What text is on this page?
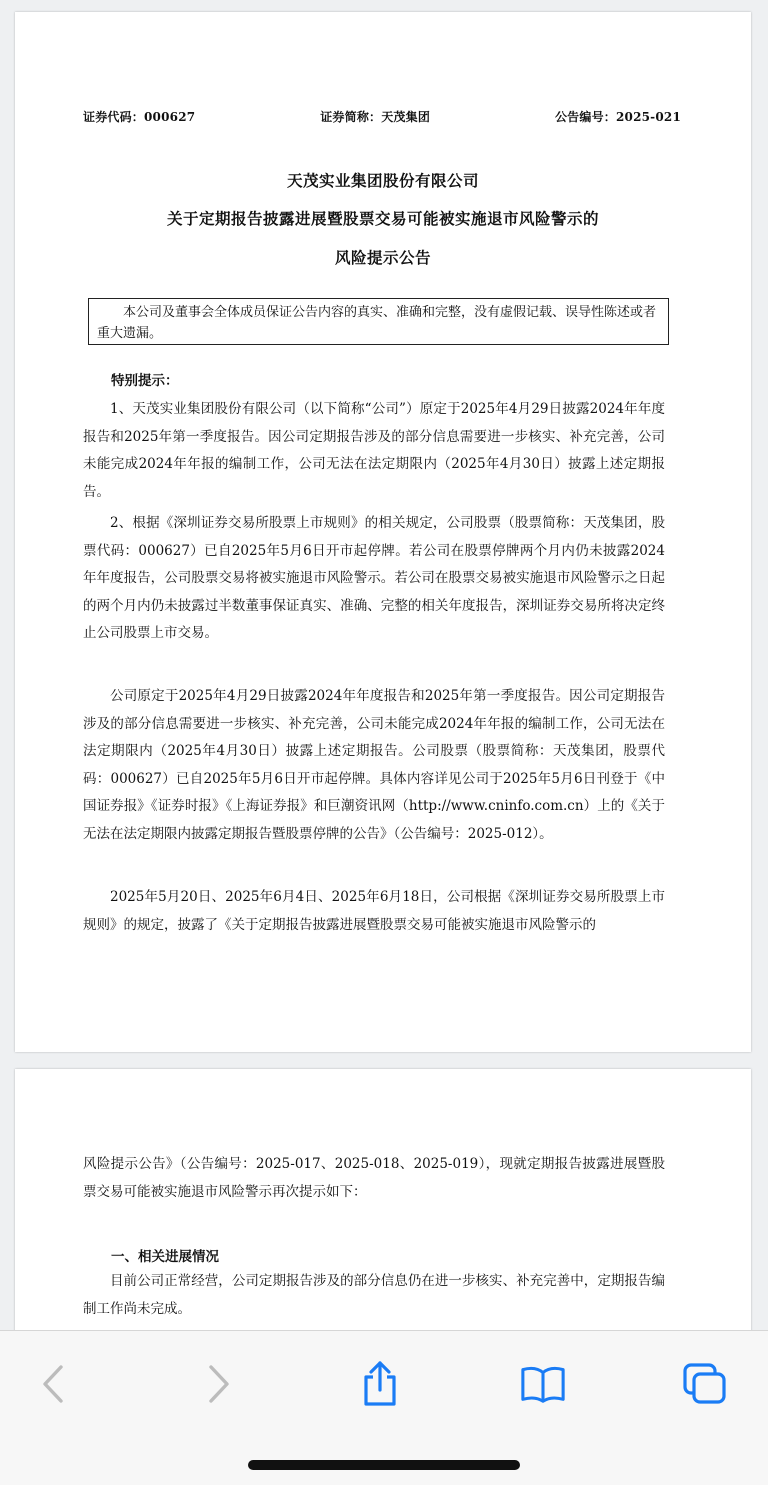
证券代码：000627	证券简称：天茂集团	公告编号：2025-021
天茂实业集团股份有限公司
关于定期报告披露进展暨股票交易可能被实施退市风险警示的
风险提示公告
本公司及董事会全体成员保证公告内容的真实、准确和完整，没有虚假记载、误导性陈述或者重大遗漏。
特别提示：
1、天茂实业集团股份有限公司（以下简称“公司”）原定于2025年4月29日披露2024年年度报告和2025年第一季度报告。因公司定期报告涉及的部分信息需要进一步核实、补充完善，公司未能完成2024年年报的编制工作，公司无法在法定期限内（2025年4月30日）披露上述定期报告。
2、根据《深圳证券交易所股票上市规则》的相关规定，公司股票（股票简称：天茂集团，股票代码：000627）已自2025年5月6日开市起停牌。若公司在股票停牌两个月内仍未披露2024年年度报告，公司股票交易将被实施退市风险警示。若公司在股票交易被实施退市风险警示之日起的两个月内仍未披露过半数董事保证真实、准确、完整的相关年度报告，深圳证券交易所将决定终止公司股票上市交易。
公司原定于2025年4月29日披露2024年年度报告和2025年第一季度报告。因公司定期报告涉及的部分信息需要进一步核实、补充完善，公司未能完成2024年年报的编制工作，公司无法在法定期限内（2025年4月30日）披露上述定期报告。公司股票（股票简称：天茂集团，股票代码：000627）已自2025年5月6日开市起停牌。具体内容详见公司于2025年5月6日刊登于《中国证券报》《证券时报》《上海证券报》和巨潮资讯网（http://www.cninfo.com.cn）上的《关于无法在法定期限内披露定期报告暨股票停牌的公告》（公告编号：2025-012）。
2025年5月20日、2025年6月4日、2025年6月18日，公司根据《深圳证券交易所股票上市规则》的规定，披露了《关于定期报告披露进展暨股票交易可能被实施退市风险警示的
风险提示公告》（公告编号：2025-017、2025-018、2025-019），现就定期报告披露进展暨股票交易可能被实施退市风险警示再次提示如下：
一、相关进展情况
目前公司正常经营，公司定期报告涉及的部分信息仍在进一步核实、补充完善中，定期报告编制工作尚未完成。
